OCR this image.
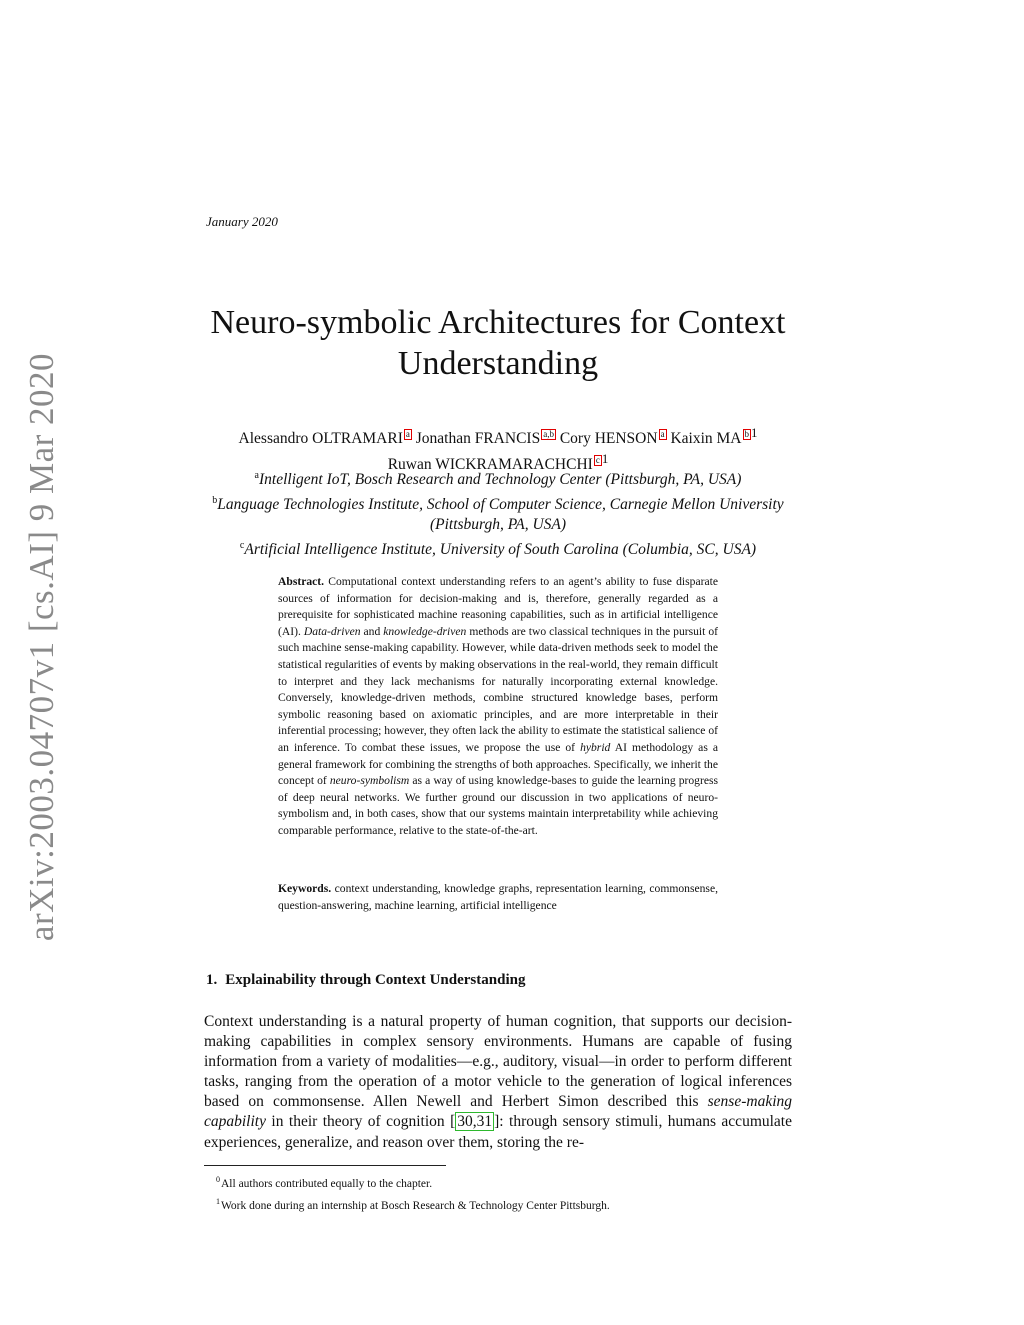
arXiv:2003.04707v1 [cs.AI] 9 Mar 2020
January 2020
Neuro-symbolic Architectures for Context
Understanding
Alessandro OLTRAMARI a Jonathan FRANCIS a,b Cory HENSON a Kaixin MA b $^1$
Ruwan WICKRAMARACHCHI c $^1$
$^a$Intelligent IoT, Bosch Research and Technology Center (Pittsburgh, PA, USA)
$^b$Language Technologies Institute, School of Computer Science, Carnegie Mellon University (Pittsburgh, PA, USA)
$^c$Artificial Intelligence Institute, University of South Carolina (Columbia, SC, USA)
Abstract. Computational context understanding refers to an agent’s ability to fuse disparate sources of information for decision-making and is, therefore, generally regarded as a prerequisite for sophisticated machine reasoning capabilities, such as in artificial intelligence (AI). Data-driven and knowledge-driven methods are two classical techniques in the pursuit of such machine sense-making capability. However, while data-driven methods seek to model the statistical regularities of events by making observations in the real-world, they remain difficult to interpret and they lack mechanisms for naturally incorporating external knowledge. Conversely, knowledge-driven methods, combine structured knowledge bases, perform symbolic reasoning based on axiomatic principles, and are more interpretable in their inferential processing; however, they often lack the ability to estimate the statistical salience of an inference. To combat these issues, we propose the use of hybrid AI methodology as a general framework for combining the strengths of both approaches. Specifically, we inherit the concept of neuro-symbolism as a way of using knowledge-bases to guide the learning progress of deep neural networks. We further ground our discussion in two applications of neuro-symbolism and, in both cases, show that our systems maintain interpretability while achieving comparable performance, relative to the state-of-the-art.
Keywords. context understanding, knowledge graphs, representation learning, commonsense, question-answering, machine learning, artificial intelligence
1. Explainability through Context Understanding
Context understanding is a natural property of human cognition, that supports our decision-making capabilities in complex sensory environments. Humans are capable of fusing information from a variety of modalities—e.g., auditory, visual—in order to perform different tasks, ranging from the operation of a motor vehicle to the generation of logical inferences based on commonsense. Allen Newell and Herbert Simon described this sense-making capability in their theory of cognition [ 30,31 ]: through sensory stimuli, humans accumulate experiences, generalize, and reason over them, storing the re-
$^0$All authors contributed equally to the chapter.
$^1$Work done during an internship at Bosch Research & Technology Center Pittsburgh.
